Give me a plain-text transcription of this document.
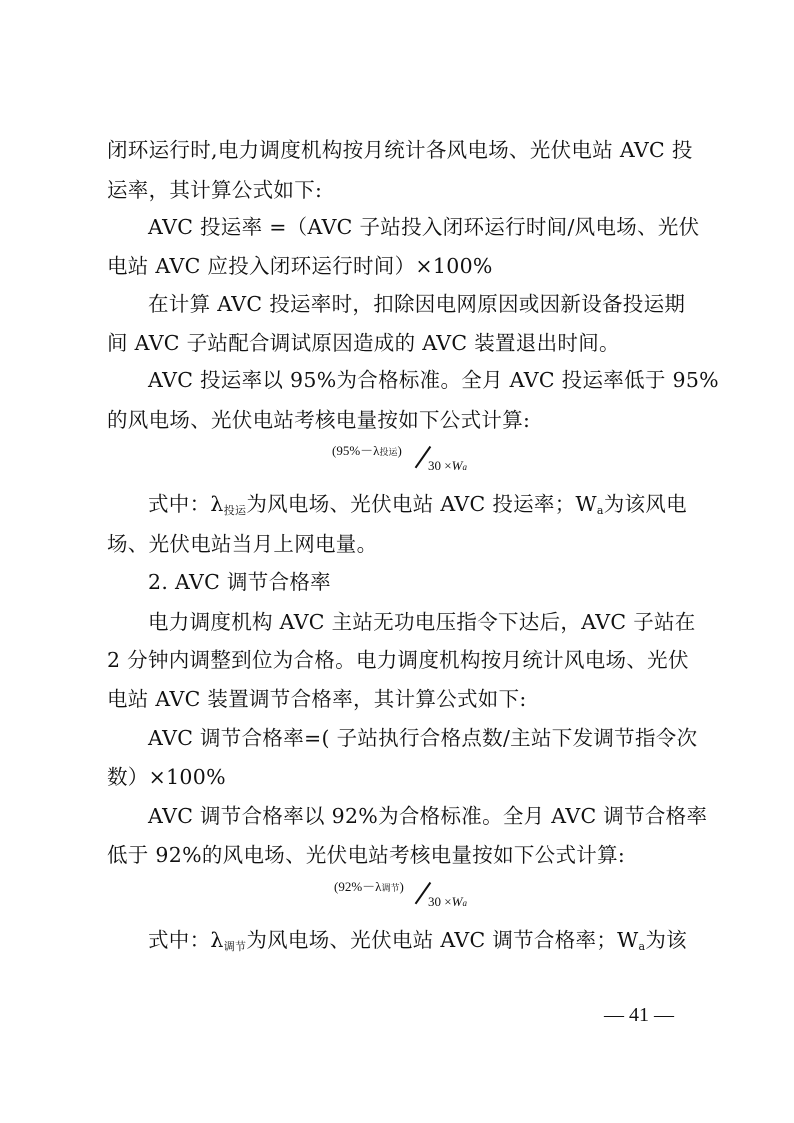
闭环运行时,电力调度机构按月统计各风电场、光伏电站 AVC 投
运率，其计算公式如下:
AVC 投运率 =（AVC 子站投入闭环运行时间/风电场、光伏
电站 AVC 应投入闭环运行时间）×100%
在计算 AVC 投运率时，扣除因电网原因或因新设备投运期
间 AVC 子站配合调试原因造成的 AVC 装置退出时间。
AVC 投运率以 95%为合格标准。全月 AVC 投运率低于 95%
的风电场、光伏电站考核电量按如下公式计算:
(95%－λ投运)
30 ×Wa
式中：λ投运为风电场、光伏电站 AVC 投运率；Wa为该风电
场、光伏电站当月上网电量。
2. AVC 调节合格率
电力调度机构 AVC 主站无功电压指令下达后，AVC 子站在
2 分钟内调整到位为合格。电力调度机构按月统计风电场、光伏
电站 AVC 装置调节合格率，其计算公式如下:
AVC 调节合格率=( 子站执行合格点数/主站下发调节指令次
数）×100%
AVC 调节合格率以 92%为合格标准。全月 AVC 调节合格率
低于 92%的风电场、光伏电站考核电量按如下公式计算:
(92%－λ调节)
30 ×Wa
式中：λ调节为风电场、光伏电站 AVC 调节合格率；Wa为该
— 41 —
